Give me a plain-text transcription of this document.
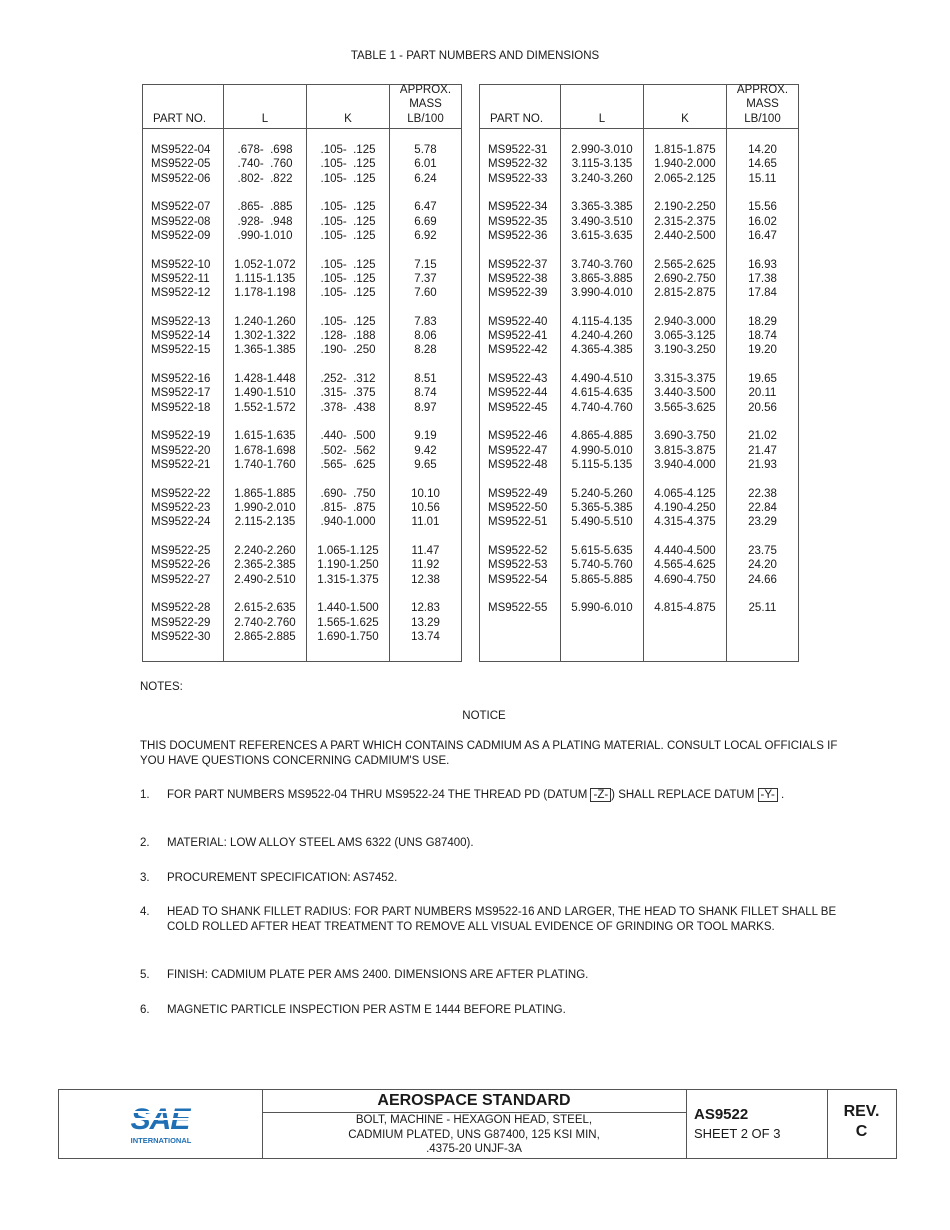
TABLE 1 - PART NUMBERS AND DIMENSIONS
PART NO.
MS9522-04
MS9522-05
MS9522-06
MS9522-07
MS9522-08
MS9522-09
MS9522-10
MS9522-11
MS9522-12
MS9522-13
MS9522-14
MS9522-15
MS9522-16
MS9522-17
MS9522-18
MS9522-19
MS9522-20
MS9522-21
MS9522-22
MS9522-23
MS9522-24
MS9522-25
MS9522-26
MS9522-27
MS9522-28
MS9522-29
MS9522-30
L
.678-  .698
.740-  .760
.802-  .822
.865-  .885
.928-  .948
.990-1.010
1.052-1.072
1.115-1.135
1.178-1.198
1.240-1.260
1.302-1.322
1.365-1.385
1.428-1.448
1.490-1.510
1.552-1.572
1.615-1.635
1.678-1.698
1.740-1.760
1.865-1.885
1.990-2.010
2.115-2.135
2.240-2.260
2.365-2.385
2.490-2.510
2.615-2.635
2.740-2.760
2.865-2.885
K
.105-  .125
.105-  .125
.105-  .125
.105-  .125
.105-  .125
.105-  .125
.105-  .125
.105-  .125
.105-  .125
.105-  .125
.128-  .188
.190-  .250
.252-  .312
.315-  .375
.378-  .438
.440-  .500
.502-  .562
.565-  .625
.690-  .750
.815-  .875
.940-1.000
1.065-1.125
1.190-1.250
1.315-1.375
1.440-1.500
1.565-1.625
1.690-1.750
APPROX.
MASS
LB/100
5.78
6.01
6.24
6.47
6.69
6.92
7.15
7.37
7.60
7.83
8.06
8.28
8.51
8.74
8.97
9.19
9.42
9.65
10.10
10.56
11.01
11.47
11.92
12.38
12.83
13.29
13.74
PART NO.
MS9522-31
MS9522-32
MS9522-33
MS9522-34
MS9522-35
MS9522-36
MS9522-37
MS9522-38
MS9522-39
MS9522-40
MS9522-41
MS9522-42
MS9522-43
MS9522-44
MS9522-45
MS9522-46
MS9522-47
MS9522-48
MS9522-49
MS9522-50
MS9522-51
MS9522-52
MS9522-53
MS9522-54
MS9522-55
L
2.990-3.010
3.115-3.135
3.240-3.260
3.365-3.385
3.490-3.510
3.615-3.635
3.740-3.760
3.865-3.885
3.990-4.010
4.115-4.135
4.240-4.260
4.365-4.385
4.490-4.510
4.615-4.635
4.740-4.760
4.865-4.885
4.990-5.010
5.115-5.135
5.240-5.260
5.365-5.385
5.490-5.510
5.615-5.635
5.740-5.760
5.865-5.885
5.990-6.010
K
1.815-1.875
1.940-2.000
2.065-2.125
2.190-2.250
2.315-2.375
2.440-2.500
2.565-2.625
2.690-2.750
2.815-2.875
2.940-3.000
3.065-3.125
3.190-3.250
3.315-3.375
3.440-3.500
3.565-3.625
3.690-3.750
3.815-3.875
3.940-4.000
4.065-4.125
4.190-4.250
4.315-4.375
4.440-4.500
4.565-4.625
4.690-4.750
4.815-4.875
APPROX.
MASS
LB/100
14.20
14.65
15.11
15.56
16.02
16.47
16.93
17.38
17.84
18.29
18.74
19.20
19.65
20.11
20.56
21.02
21.47
21.93
22.38
22.84
23.29
23.75
24.20
24.66
25.11
NOTES:
NOTICE
THIS DOCUMENT REFERENCES A PART WHICH CONTAINS CADMIUM AS A PLATING MATERIAL. CONSULT LOCAL OFFICIALS IF YOU HAVE QUESTIONS CONCERNING CADMIUM'S USE.
1. FOR PART NUMBERS MS9522-04 THRU MS9522-24 THE THREAD PD (DATUM -Z- ) SHALL REPLACE DATUM -Y- .
2. MATERIAL: LOW ALLOY STEEL AMS 6322 (UNS G87400).
3. PROCUREMENT SPECIFICATION: AS7452.
4. HEAD TO SHANK FILLET RADIUS: FOR PART NUMBERS MS9522-16 AND LARGER, THE HEAD TO SHANK FILLET SHALL BE COLD ROLLED AFTER HEAT TREATMENT TO REMOVE ALL VISUAL EVIDENCE OF GRINDING OR TOOL MARKS.
5. FINISH: CADMIUM PLATE PER AMS 2400. DIMENSIONS ARE AFTER PLATING.
6. MAGNETIC PARTICLE INSPECTION PER ASTM E 1444 BEFORE PLATING.
SAE
INTERNATIONAL
AEROSPACE STANDARD
BOLT, MACHINE - HEXAGON HEAD, STEEL,
CADMIUM PLATED, UNS G87400, 125 KSI MIN,
.4375-20 UNJF-3A
AS9522
SHEET 2 OF 3
REV.
C
